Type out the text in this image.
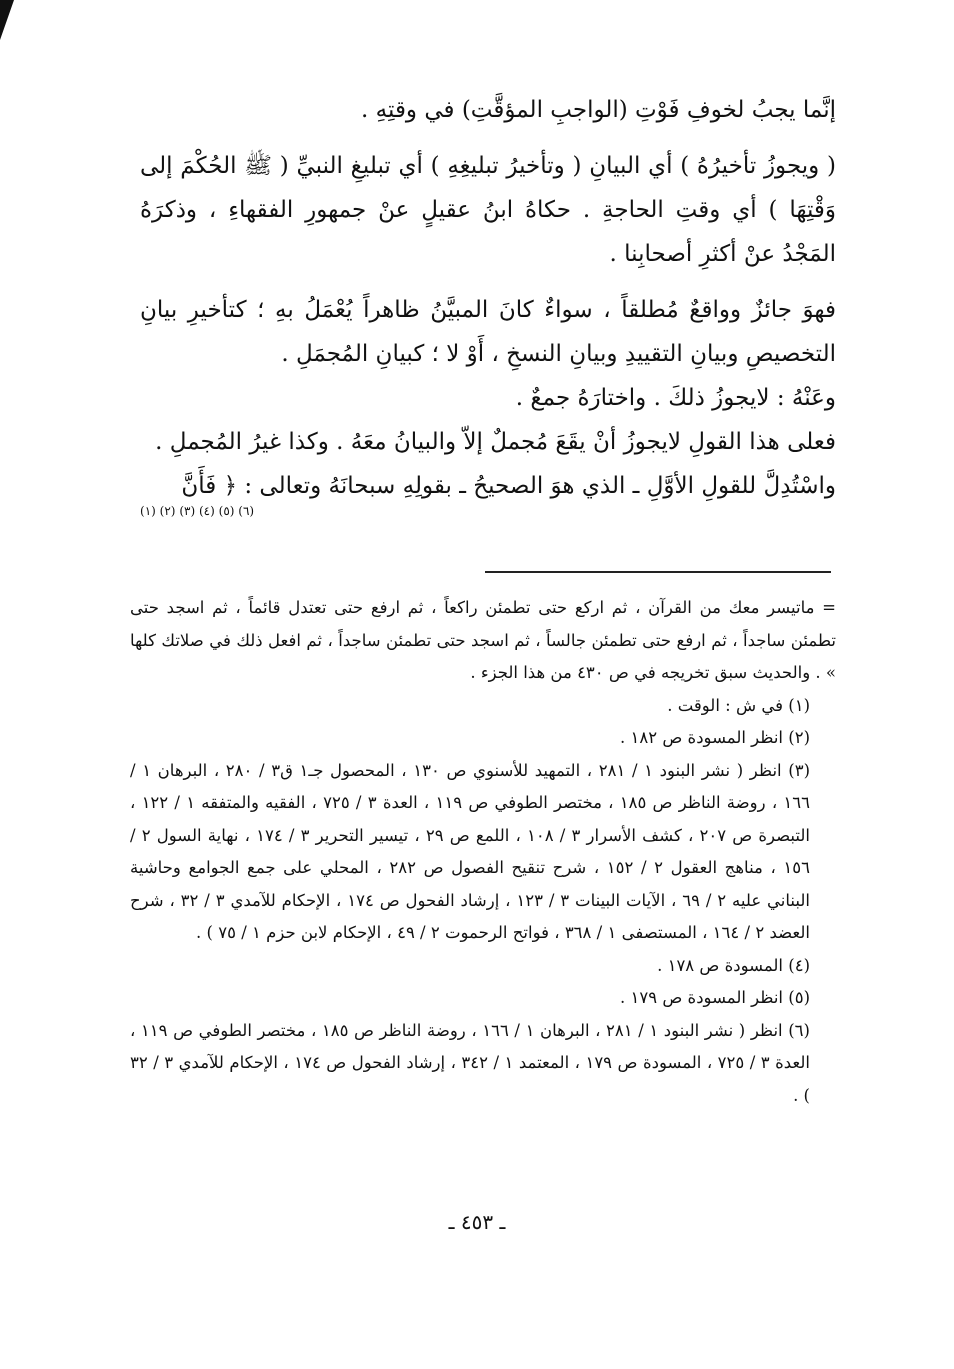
إنَّما يجبُ لخوفِ فَوْتِ (الواجبِ المؤقَّتِ) في وقتِهِ .

( ويجوزُ تأخيرُهُ ) أي البيانِ ( وتأخيرُ تبليغِهِ ) أي تبليغِ النبيِّ ( ﷺ الحُكْمَ إلى وَقْتِهَا ) أي وقتِ الحاجةِ . حكاهُ ابنُ عقيلٍ عنْ جمهورِ الفقهاءِ ، وذكرَهُ المَجْدُ عنْ أكثرِ أصحابِنا .

فهوَ جائزٌ وواقعٌ مُطلقاً ، سواءٌ كانَ المبيَّنُ ظاهراً يُعْمَلُ بهِ ؛ كتأخيرِ بيانِ التخصيصِ وبيانِ التقييدِ وبيانِ النسخِ ، أَوْ لا ؛ كبيانِ المُجمَلِ .

وعَنْهُ : لايجوزُ ذلكَ . واختارَهُ جمعٌ .

فعلى هذا القولِ لايجوزُ أنْ يقَعَ مُجملٌ إلاّ والبيانُ معَهُ . وكذا غيرُ المُجملِ .

واسْتُدِلَّ للقولِ الأوَّلِ ـ الذي هوَ الصحيحُ ـ بقولِهِ سبحانَهُ وتعالى : ﴿ فَأَنَّ

$^{(١)}$ $^{(٢)}$ $^{(٣)}$ $^{(٤)}$ $^{(٥)}$ $^{(٦)}$

= ماتيسر معك من القرآن ، ثم اركع حتى تطمئن راكعاً ، ثم ارفع حتى تعتدل قائماً ، ثم اسجد حتى تطمئن ساجداً ، ثم ارفع حتى تطمئن جالساً ، ثم اسجد حتى تطمئن ساجداً ، ثم افعل ذلك في صلاتك كلها » . والحديث سبق تخريجه في ص ٤٣٠ من هذا الجزء .

(١) في ش : الوقت .

(٢) انظر المسودة ص ١٨٢ .

(٣) انظر ( نشر البنود ١ / ٢٨١ ، التمهيد للأسنوي ص ١٣٠ ، المحصول جـ١ ق٣ / ٢٨٠ ، البرهان ١ / ١٦٦ ، روضة الناظر ص ١٨٥ ، مختصر الطوفي ص ١١٩ ، العدة ٣ / ٧٢٥ ، الفقيه والمتفقه ١ / ١٢٢ ، التبصرة ص ٢٠٧ ، كشف الأسرار ٣ / ١٠٨ ، اللمع ص ٢٩ ، تيسير التحرير ٣ / ١٧٤ ، نهاية السول ٢ / ١٥٦ ، مناهج العقول ٢ / ١٥٢ ، شرح تنقيح الفصول ص ٢٨٢ ، المحلي على جمع الجوامع وحاشية البناني عليه ٢ / ٦٩ ، الآيات البينات ٣ / ١٢٣ ، إرشاد الفحول ص ١٧٤ ، الإحكام للآمدي ٣ / ٣٢ ، شرح العضد ٢ / ١٦٤ ، المستصفى ١ / ٣٦٨ ، فواتح الرحموت ٢ / ٤٩ ، الإحكام لابن حزم ١ / ٧٥ ) .

(٤) المسودة ص ١٧٨ .

(٥) انظر المسودة ص ١٧٩ .

(٦) انظر ( نشر البنود ١ / ٢٨١ ، البرهان ١ / ١٦٦ ، روضة الناظر ص ١٨٥ ، مختصر الطوفي ص ١١٩ ، العدة ٣ / ٧٢٥ ، المسودة ص ١٧٩ ، المعتمد ١ / ٣٤٢ ، إرشاد الفحول ص ١٧٤ ، الإحكام للآمدي ٣ / ٣٢ ) .

ـ ٤٥٣ ـ
